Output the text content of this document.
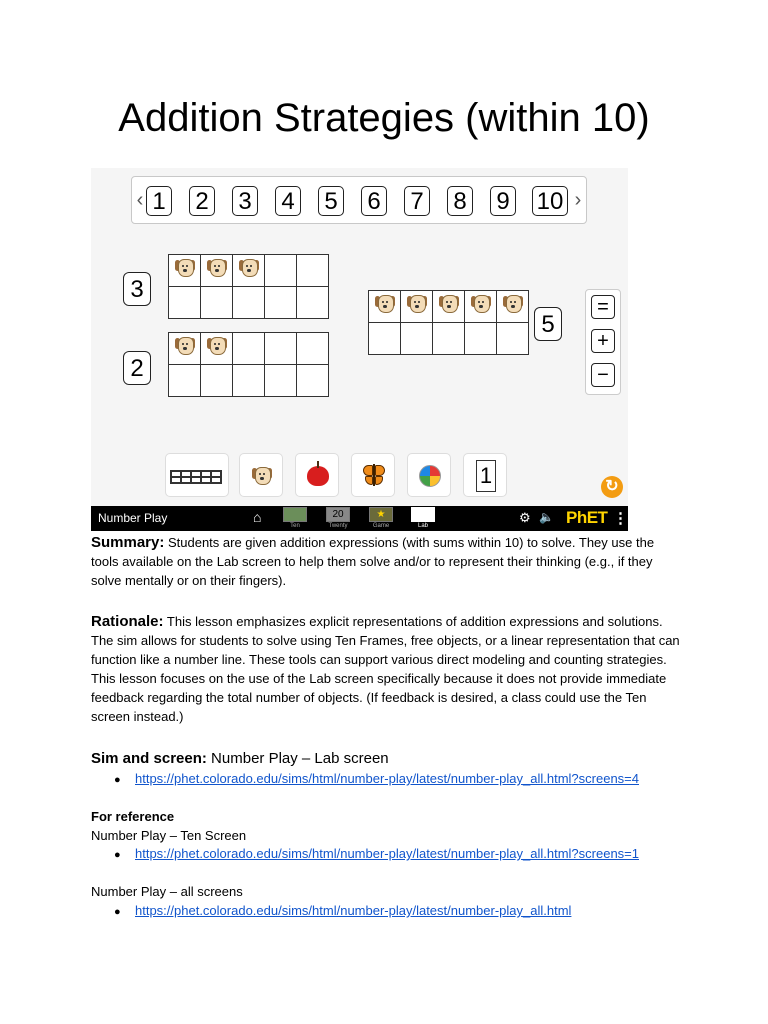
Addition Strategies (within 10)
‹ 1 2 3 4 5 6 7 8 9 10 ›
3
2
5

=
+
−
1	↻
Number Play	⌂
Ten
20
Twenty
★
Game	Lab
⚙ 🔈 PhET ⋮
Summary: Students are given addition expressions (with sums within 10) to solve. They use the tools available on the Lab screen to help them solve and/or to represent their thinking (e.g., if they solve mentally or on their fingers).
Rationale: This lesson emphasizes explicit representations of addition expressions and solutions. The sim allows for students to solve using Ten Frames, free objects, or a linear representation that can function like a number line. These tools can support various direct modeling and counting strategies. This lesson focuses on the use of the Lab screen specifically because it does not provide immediate feedback regarding the total number of objects. (If feedback is desired, a class could use the Ten screen instead.)
Sim and screen: Number Play – Lab screen
● https://phet.colorado.edu/sims/html/number-play/latest/number-play_all.html?screens=4
For reference
Number Play – Ten Screen
● https://phet.colorado.edu/sims/html/number-play/latest/number-play_all.html?screens=1
Number Play – all screens
● https://phet.colorado.edu/sims/html/number-play/latest/number-play_all.html
